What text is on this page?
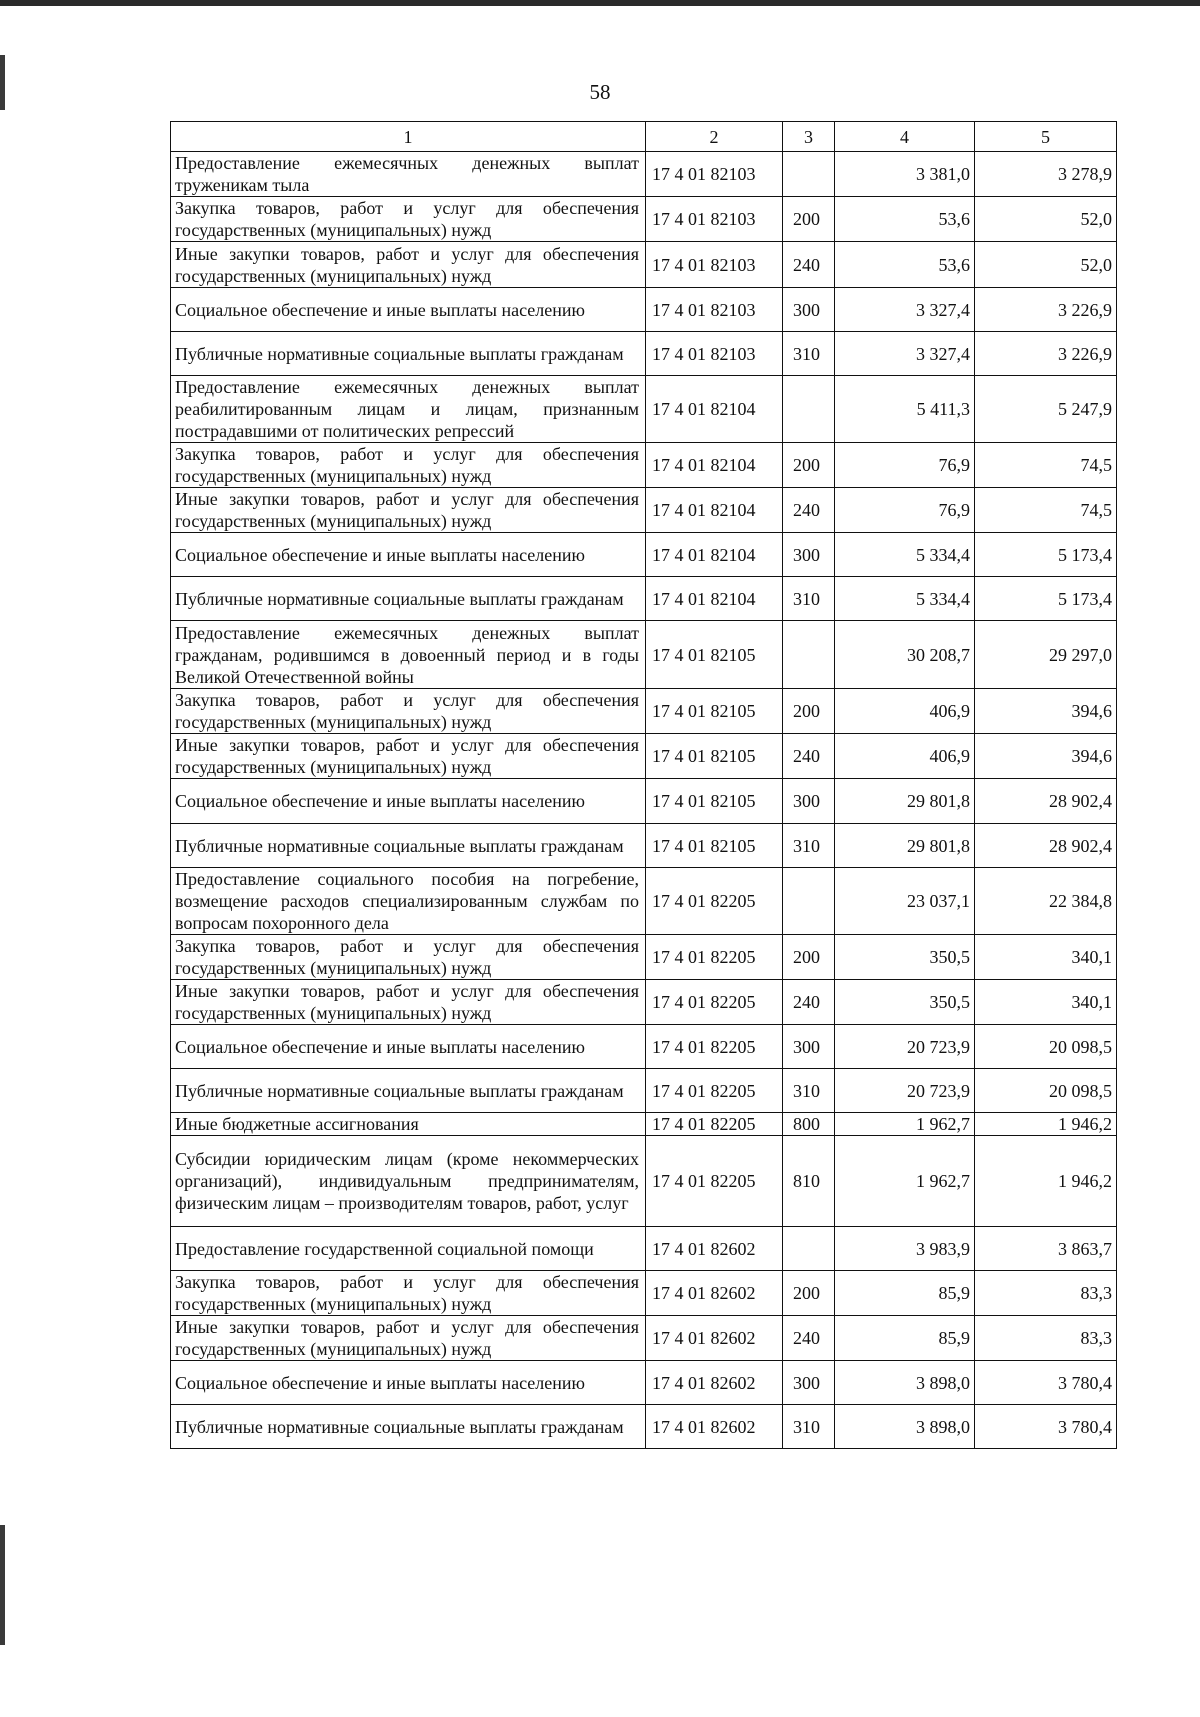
58
1	2	3	4	5
Предоставление ежемесячных денежных выплат труженикам тыла	17 4 01 82103		3 381,0	3 278,9
Закупка товаров, работ и услуг для обеспечения государственных (муниципальных) нужд	17 4 01 82103	200	53,6	52,0
Иные закупки товаров, работ и услуг для обеспечения государственных (муниципальных) нужд	17 4 01 82103	240	53,6	52,0
Социальное обеспечение и иные выплаты населению	17 4 01 82103	300	3 327,4	3 226,9
Публичные нормативные социальные выплаты гражданам	17 4 01 82103	310	3 327,4	3 226,9
Предоставление ежемесячных денежных выплат реабилитированным лицам и лицам, признанным пострадавшими от политических репрессий	17 4 01 82104		5 411,3	5 247,9
Закупка товаров, работ и услуг для обеспечения государственных (муниципальных) нужд	17 4 01 82104	200	76,9	74,5
Иные закупки товаров, работ и услуг для обеспечения государственных (муниципальных) нужд	17 4 01 82104	240	76,9	74,5
Социальное обеспечение и иные выплаты населению	17 4 01 82104	300	5 334,4	5 173,4
Публичные нормативные социальные выплаты гражданам	17 4 01 82104	310	5 334,4	5 173,4
Предоставление ежемесячных денежных выплат гражданам, родившимся в довоенный период и в годы Великой Отечественной войны	17 4 01 82105		30 208,7	29 297,0
Закупка товаров, работ и услуг для обеспечения государственных (муниципальных) нужд	17 4 01 82105	200	406,9	394,6
Иные закупки товаров, работ и услуг для обеспечения государственных (муниципальных) нужд	17 4 01 82105	240	406,9	394,6
Социальное обеспечение и иные выплаты населению	17 4 01 82105	300	29 801,8	28 902,4
Публичные нормативные социальные выплаты гражданам	17 4 01 82105	310	29 801,8	28 902,4
Предоставление социального пособия на погребение, возмещение расходов специализированным службам по вопросам похоронного дела	17 4 01 82205		23 037,1	22 384,8
Закупка товаров, работ и услуг для обеспечения государственных (муниципальных) нужд	17 4 01 82205	200	350,5	340,1
Иные закупки товаров, работ и услуг для обеспечения государственных (муниципальных) нужд	17 4 01 82205	240	350,5	340,1
Социальное обеспечение и иные выплаты населению	17 4 01 82205	300	20 723,9	20 098,5
Публичные нормативные социальные выплаты гражданам	17 4 01 82205	310	20 723,9	20 098,5
Иные бюджетные ассигнования	17 4 01 82205	800	1 962,7	1 946,2
Субсидии юридическим лицам (кроме некоммерческих организаций), индивидуальным предпринимателям, физическим лицам – производителям товаров, работ, услуг	17 4 01 82205	810	1 962,7	1 946,2
Предоставление государственной социальной помощи	17 4 01 82602		3 983,9	3 863,7
Закупка товаров, работ и услуг для обеспечения государственных (муниципальных) нужд	17 4 01 82602	200	85,9	83,3
Иные закупки товаров, работ и услуг для обеспечения государственных (муниципальных) нужд	17 4 01 82602	240	85,9	83,3
Социальное обеспечение и иные выплаты населению	17 4 01 82602	300	3 898,0	3 780,4
Публичные нормативные социальные выплаты гражданам	17 4 01 82602	310	3 898,0	3 780,4
